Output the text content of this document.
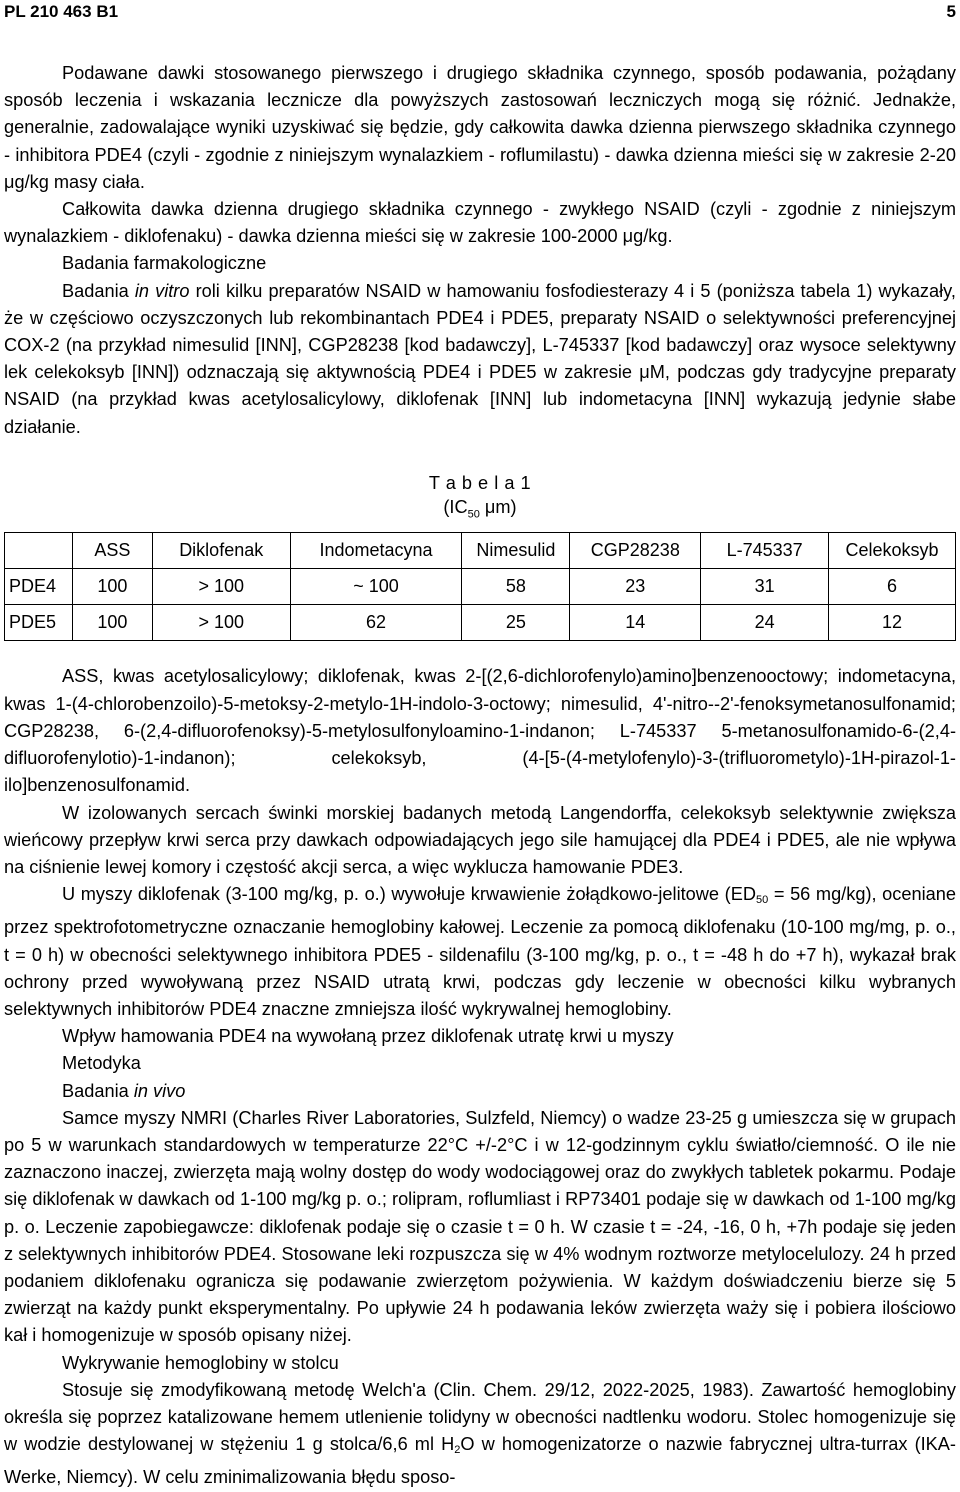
PL 210 463 B1	5

Podawane dawki stosowanego pierwszego i drugiego składnika czynnego, sposób podawania, pożądany sposób leczenia i wskazania lecznicze dla powyższych zastosowań leczniczych mogą się różnić. Jednakże, generalnie, zadowalające wyniki uzyskiwać się będzie, gdy całkowita dawka dzienna pierwszego składnika czynnego - inhibitora PDE4 (czyli - zgodnie z niniejszym wynalazkiem - roflumilastu) - dawka dzienna mieści się w zakresie 2-20 μg/kg masy ciała.

Całkowita dawka dzienna drugiego składnika czynnego - zwykłego NSAID (czyli - zgodnie z niniejszym wynalazkiem - diklofenaku) - dawka dzienna mieści się w zakresie 100-2000 μg/kg.

Badania farmakologiczne

Badania in vitro roli kilku preparatów NSAID w hamowaniu fosfodiesterazy 4 i 5 (poniższa tabela 1) wykazały, że w częściowo oczyszczonych lub rekombinantach PDE4 i PDE5, preparaty NSAID o selektywności preferencyjnej COX-2 (na przykład nimesulid [INN], CGP28238 [kod badawczy], L-745337 [kod badawczy] oraz wysoce selektywny lek celekoksyb [INN]) odznaczają się aktywnością PDE4 i PDE5 w zakresie μM, podczas gdy tradycyjne preparaty NSAID (na przykład kwas acetylosalicylowy, diklofenak [INN] lub indometacyna [INN] wykazują jedynie słabe działanie.

T a b e l a 1
($IC_{50}$ μm)
	ASS	Diklofenak	Indometacyna	Nimesulid	CGP28238	L-745337	Celekoksyb
PDE4	100	> 100	~ 100	58	23	31	6
PDE5	100	> 100	62	25	14	24	12

ASS, kwas acetylosalicylowy; diklofenak, kwas 2-[(2,6-dichlorofenylo)amino]benzenooctowy; indometacyna, kwas 1-(4-chlorobenzoilo)-5-metoksy-2-metylo-1H-indolo-3-octowy; nimesulid, 4'-nitro--2'-fenoksymetanosulfonamid; CGP28238, 6-(2,4-difluorofenoksy)-5-metylosulfonyloamino-1-indanon; L-745337 5-metanosulfonamido-6-(2,4-difluorofenylotio)-1-indanon); celekoksyb, (4-[5-(4-metylofenylo)-3-(trifluorometylo)-1H-pirazol-1-ilo]benzenosulfonamid.

W izolowanych sercach świnki morskiej badanych metodą Langendorffa, celekoksyb selektywnie zwiększa wieńcowy przepływ krwi serca przy dawkach odpowiadających jego sile hamującej dla PDE4 i PDE5, ale nie wpływa na ciśnienie lewej komory i częstość akcji serca, a więc wyklucza hamowanie PDE3.

U myszy diklofenak (3-100 mg/kg, p. o.) wywołuje krwawienie żołądkowo-jelitowe ($ED_{50} = 56$ mg/kg), oceniane przez spektrofotometryczne oznaczanie hemoglobiny kałowej. Leczenie za pomocą diklofenaku (10-100 mg/mg, p. o., t = 0 h) w obecności selektywnego inhibitora PDE5 - sildenafilu (3-100 mg/kg, p. o., t = -48 h do +7 h), wykazał brak ochrony przed wywoływaną przez NSAID utratą krwi, podczas gdy leczenie w obecności kilku wybranych selektywnych inhibitorów PDE4 znaczne zmniejsza ilość wykrywalnej hemoglobiny.

Wpływ hamowania PDE4 na wywołaną przez diklofenak utratę krwi u myszy

Metodyka

Badania in vivo

Samce myszy NMRI (Charles River Laboratories, Sulzfeld, Niemcy) o wadze 23-25 g umieszcza się w grupach po 5 w warunkach standardowych w temperaturze 22°C +/-2°C i w 12-godzinnym cyklu światło/ciemność. O ile nie zaznaczono inaczej, zwierzęta mają wolny dostęp do wody wodociągowej oraz do zwykłych tabletek pokarmu. Podaje się diklofenak w dawkach od 1-100 mg/kg p. o.; rolipram, roflumliast i RP73401 podaje się w dawkach od 1-100 mg/kg p. o. Leczenie zapobiegawcze: diklofenak podaje się o czasie t = 0 h. W czasie t = -24, -16, 0 h, +7h podaje się jeden z selektywnych inhibitorów PDE4. Stosowane leki rozpuszcza się w 4% wodnym roztworze metylocelulozy. 24 h przed podaniem diklofenaku ogranicza się podawanie zwierzętom pożywienia. W każdym doświadczeniu bierze się 5 zwierząt na każdy punkt eksperymentalny. Po upływie 24 h podawania leków zwierzęta waży się i pobiera ilościowo kał i homogenizuje w sposób opisany niżej.

Wykrywanie hemoglobiny w stolcu

Stosuje się zmodyfikowaną metodę Welch'a (Clin. Chem. 29/12, 2022-2025, 1983). Zawartość hemoglobiny określa się poprzez katalizowane hemem utlenienie tolidyny w obecności nadtlenku wodoru. Stolec homogenizuje się w wodzie destylowanej w stężeniu 1 g stolca/6,6 ml $H_2O$ w homogenizatorze o nazwie fabrycznej ultra-turrax (IKA-Werke, Niemcy). W celu zminimalizowania błędu sposo-
